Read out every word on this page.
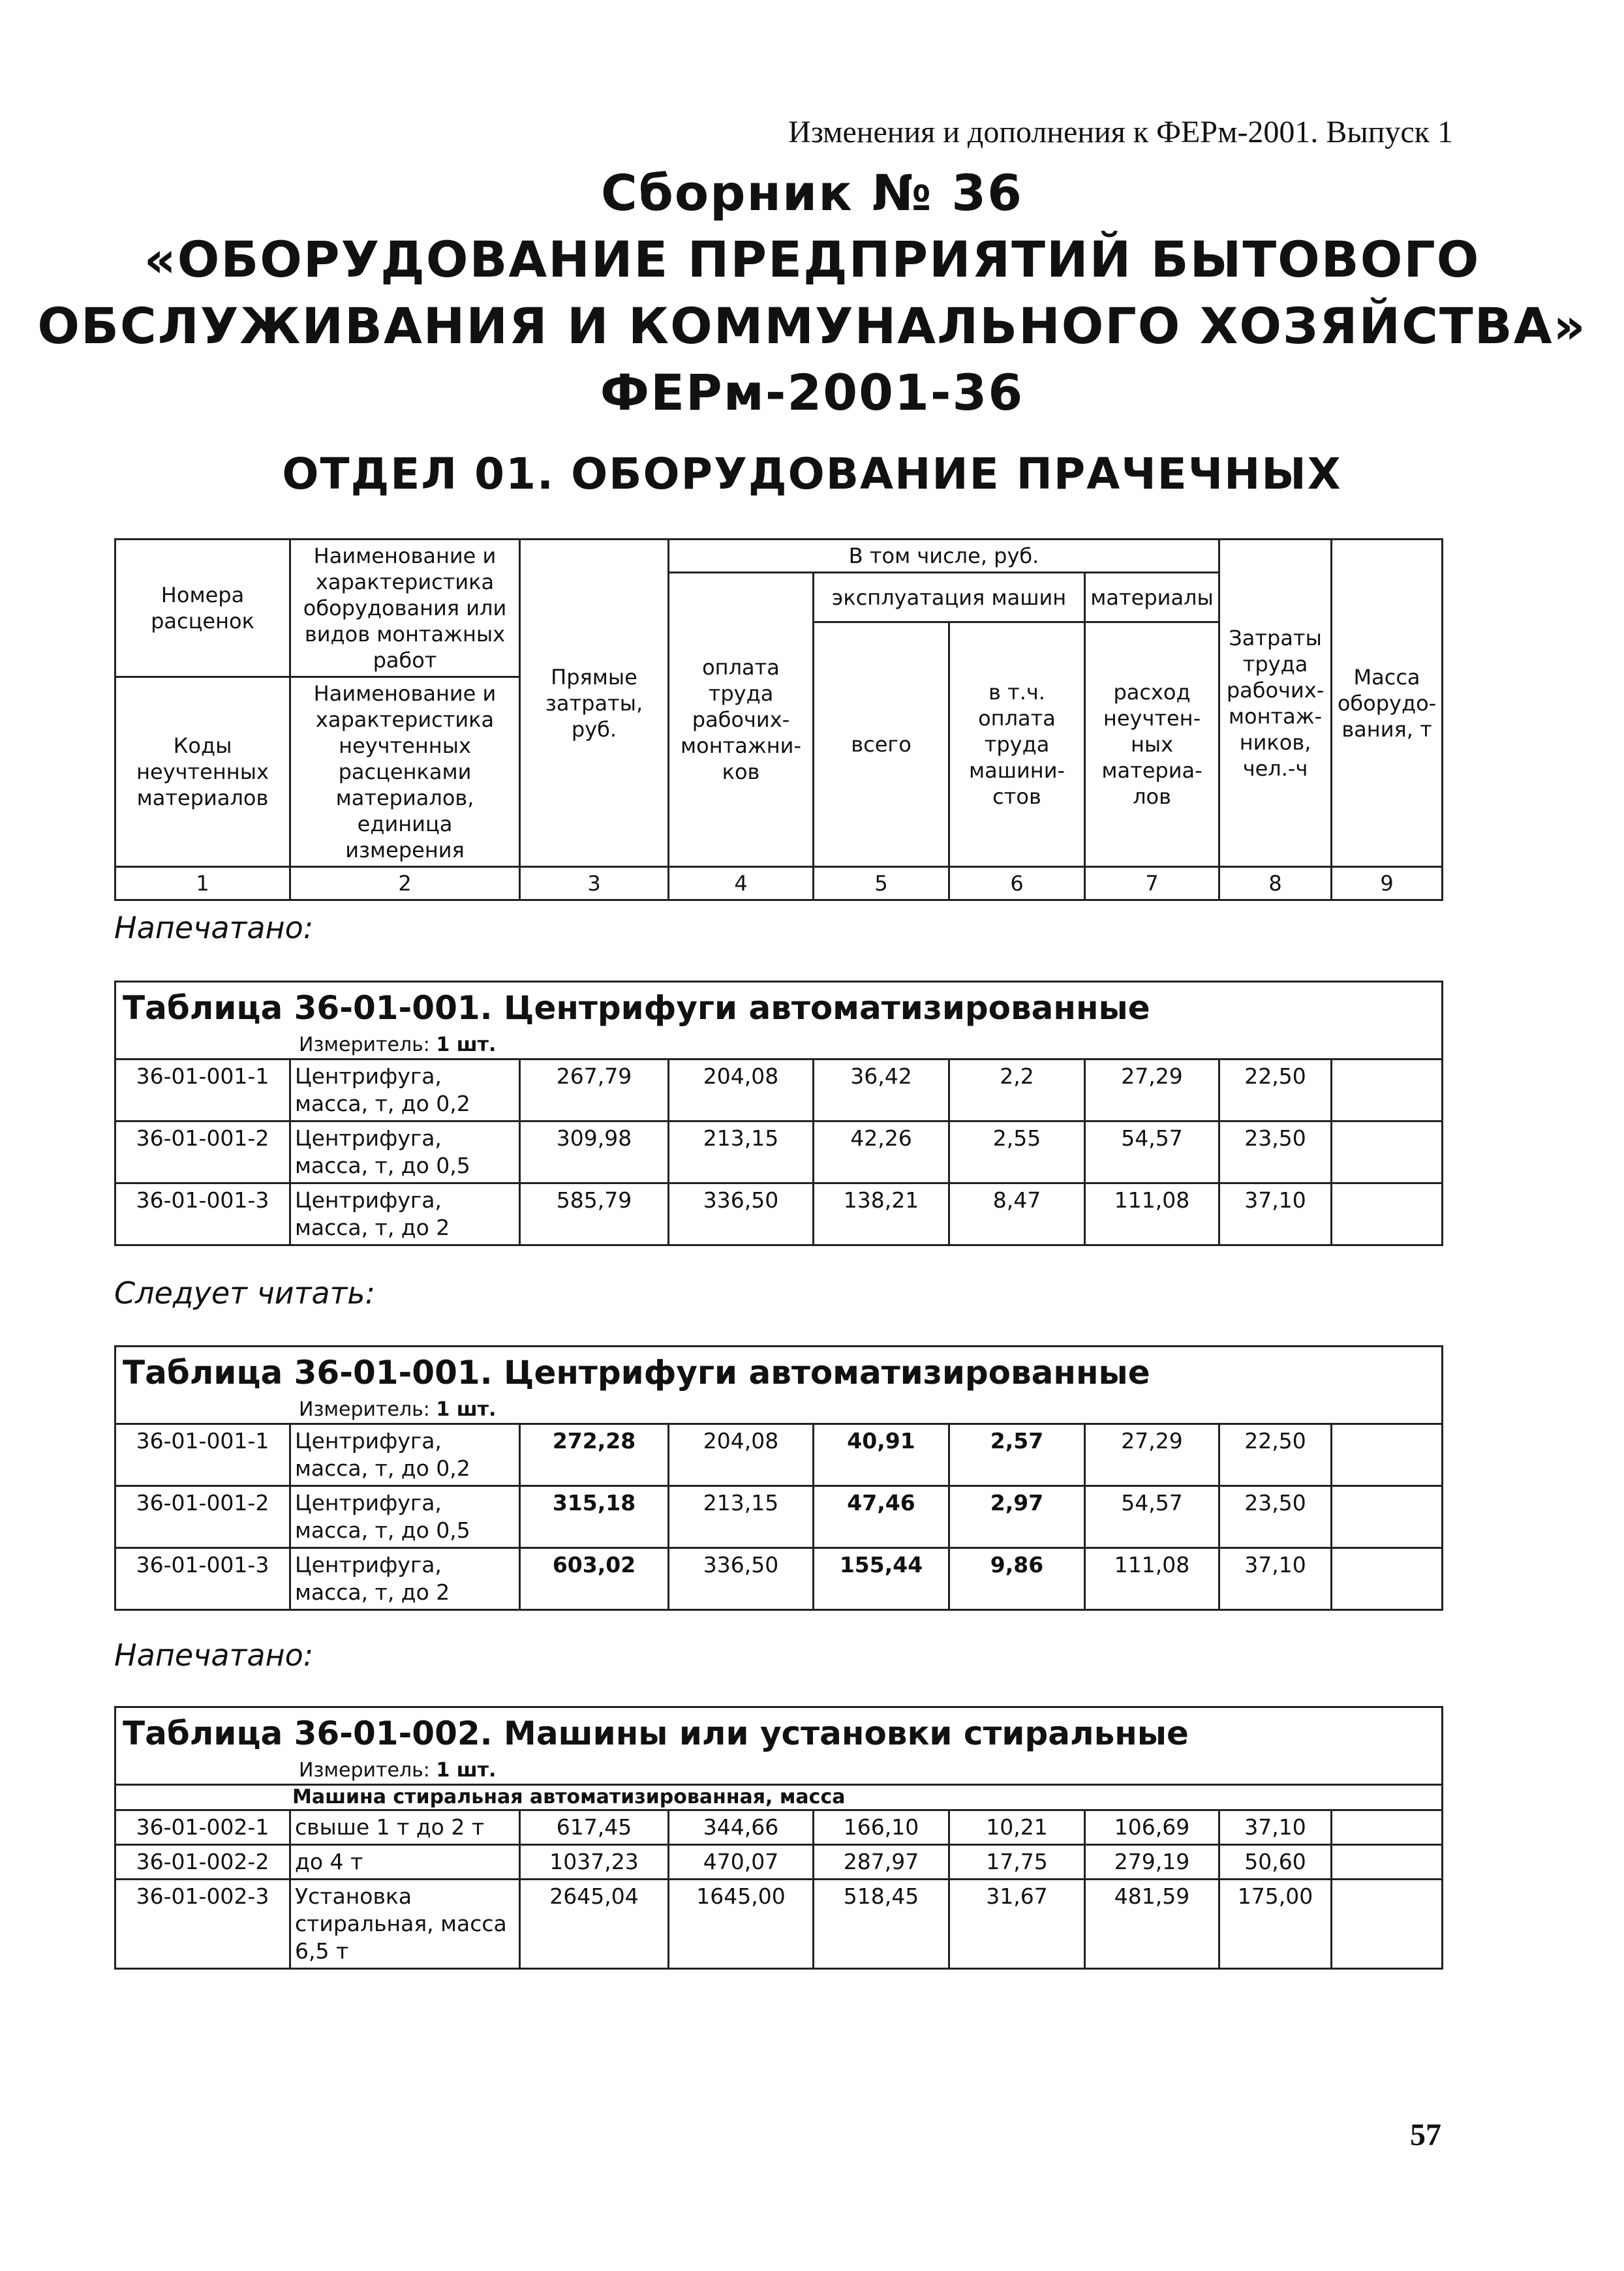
Изменения и дополнения к ФЕРм-2001. Выпуск 1
Сборник № 36
«ОБОРУДОВАНИЕ ПРЕДПРИЯТИЙ БЫТОВОГО
ОБСЛУЖИВАНИЯ И КОММУНАЛЬНОГО ХОЗЯЙСТВА»
ФЕРм-2001-36
ОТДЕЛ 01. ОБОРУДОВАНИЕ ПРАЧЕЧНЫХ
Номера расценок	Наименование и характеристика оборудования или видов монтажных работ	Прямые затраты, руб.	В том числе, руб.				Затраты труда рабочих-монтаж-ников, чел.-ч	Масса оборудо-вания, т
			оплата труда рабочих-монтажни-ков	эксплуатация машин		материалы		
				всего	в т.ч. оплата труда машини-стов	расход неучтен-ных материа-лов		
Коды неучтенных материалов	Наименование и характеристика неучтенных расценками материалов, единица измерения							
1	2	3	4	5	6	7	8	9
Напечатано:
Таблица 36-01-001. Центрифуги автоматизированные								
Измеритель: 1 шт.								
36-01-001-1	Центрифуга, масса, т, до 0,2	267,79	204,08	36,42	2,2	27,29	22,50	
36-01-001-2	Центрифуга, масса, т, до 0,5	309,98	213,15	42,26	2,55	54,57	23,50	
36-01-001-3	Центрифуга, масса, т, до 2	585,79	336,50	138,21	8,47	111,08	37,10	
Следует читать:
Таблица 36-01-001. Центрифуги автоматизированные								
Измеритель: 1 шт.								
36-01-001-1	Центрифуга, масса, т, до 0,2	272,28	204,08	40,91	2,57	27,29	22,50	
36-01-001-2	Центрифуга, масса, т, до 0,5	315,18	213,15	47,46	2,97	54,57	23,50	
36-01-001-3	Центрифуга, масса, т, до 2	603,02	336,50	155,44	9,86	111,08	37,10	
Напечатано:
Таблица 36-01-002. Машины или установки стиральные								
Измеритель: 1 шт.								
Машина стиральная автоматизированная, масса								
36-01-002-1	свыше 1 т до 2 т	617,45	344,66	166,10	10,21	106,69	37,10	
36-01-002-2	до 4 т	1037,23	470,07	287,97	17,75	279,19	50,60	
36-01-002-3	Установка стиральная, масса 6,5 т	2645,04	1645,00	518,45	31,67	481,59	175,00	
57
